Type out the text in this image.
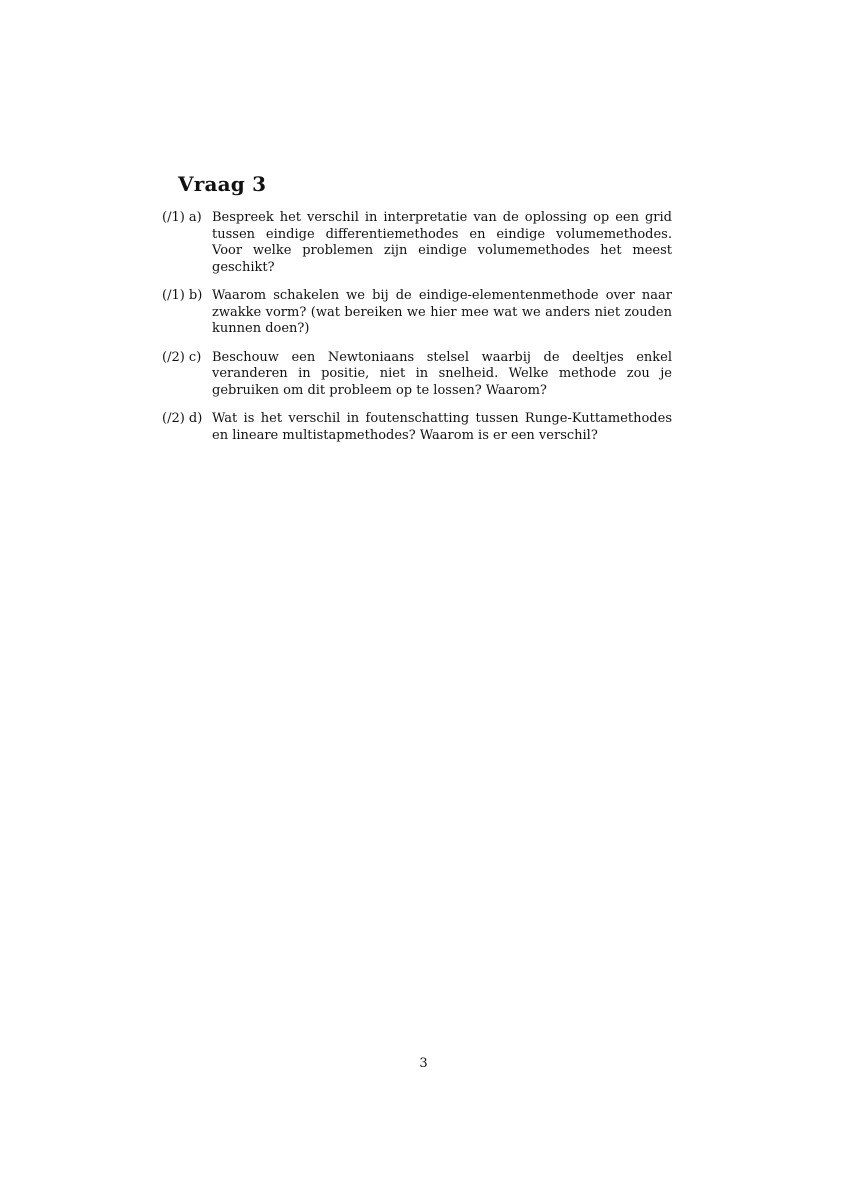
Vraag 3
(/1) a) Bespreek het verschil in interpretatie van de oplossing op een grid tussen eindige differentiemethodes en eindige volumemethodes. Voor welke problemen zijn eindige volumemethodes het meest geschikt?
(/1) b) Waarom schakelen we bij de eindige-elementenmethode over naar zwakke vorm? (wat bereiken we hier mee wat we anders niet zouden kunnen doen?)
(/2) c) Beschouw een Newtoniaans stelsel waarbij de deeltjes enkel veranderen in positie, niet in snelheid. Welke methode zou je gebruiken om dit probleem op te lossen? Waarom?
(/2) d) Wat is het verschil in foutenschatting tussen Runge-Kuttamethodes en lineare multistapmethodes? Waarom is er een verschil?
3
